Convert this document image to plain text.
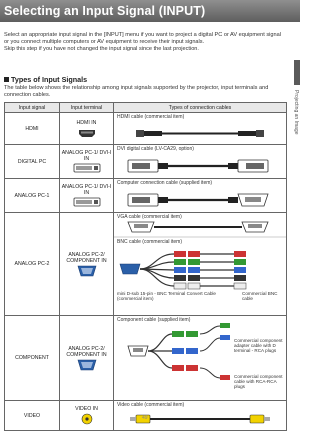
Selecting an Input Signal (INPUT)
Projecting an Image

Select an appropriate input signal in the [INPUT] menu if you want to project a digital PC or AV equipment signal or you connect multiple computers or AV equipment to receive their input signals.

Skip this step if you have not changed the input signal since the last projection.

Types of Input Signals
The table below shows the relationship among input signals supported by the projector, input terminals and connection cables.
Input signal	Input terminal	Types of connection cables
HDMI	HDMI IN	HDMI cable (commercial item)

DIGITAL PC	ANALOG PC-1/ DVI-I IN	DVI digital cable (LV-CA29, option)

ANALOG PC-1	ANALOG PC-1/ DVI-I IN	Computer connection cable (supplied item)

ANALOG PC-2	ANALOG PC-2/ COMPONENT IN	VGA cable (commercial item)
BNC cable (commercial item)
mini D-sub 15-pin - BNC Terminal Convert Cable (commercial item)
Commercial BNC cable

COMPONENT	ANALOG PC-2/ COMPONENT IN	Component cable (supplied item)
Commercial component adapter cable with D terminal - RCA plugs
Commercial component cable with RCA-RCA plugs

VIDEO	VIDEO IN	Video cable (commercial item)
49
